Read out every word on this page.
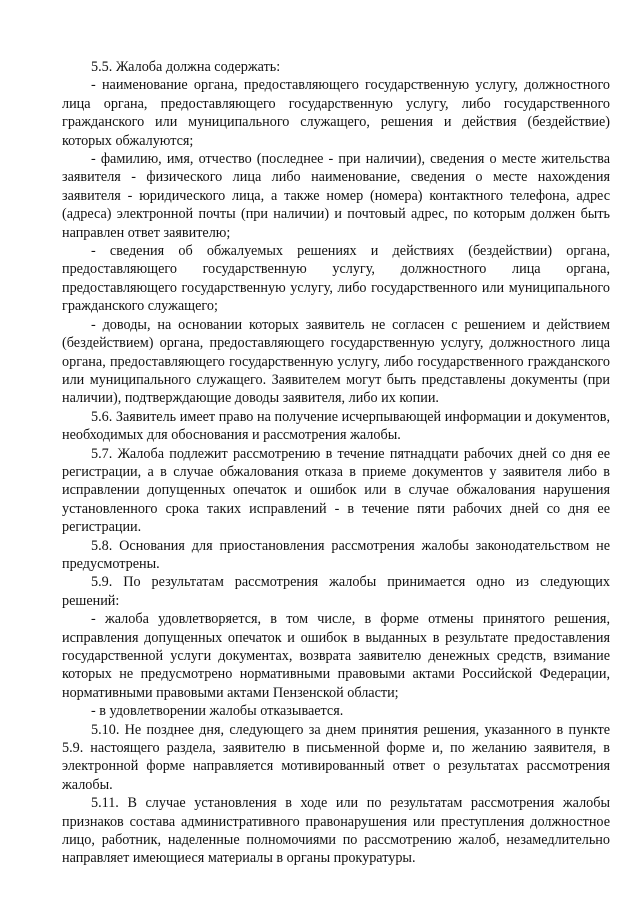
5.5. Жалоба должна содержать:

- наименование органа, предоставляющего государственную услугу, должностного лица органа, предоставляющего государственную услугу, либо государственного гражданского или муниципального служащего, решения и действия (бездействие) которых обжалуются;

- фамилию, имя, отчество (последнее - при наличии), сведения о месте жительства заявителя - физического лица либо наименование, сведения о месте нахождения заявителя - юридического лица, а также номер (номера) контактного телефона, адрес (адреса) электронной почты (при наличии) и почтовый адрес, по которым должен быть направлен ответ заявителю;

- сведения об обжалуемых решениях и действиях (бездействии) органа, предоставляющего государственную услугу, должностного лица органа, предоставляющего государственную услугу, либо государственного или муниципального гражданского служащего;

- доводы, на основании которых заявитель не согласен с решением и действием (бездействием) органа, предоставляющего государственную услугу, должностного лица органа, предоставляющего государственную услугу, либо государственного гражданского или муниципального служащего. Заявителем могут быть представлены документы (при наличии), подтверждающие доводы заявителя, либо их копии.

5.6. Заявитель имеет право на получение исчерпывающей информации и документов, необходимых для обоснования и рассмотрения жалобы.

5.7. Жалоба подлежит рассмотрению в течение пятнадцати рабочих дней со дня ее регистрации, а в случае обжалования отказа в приеме документов у заявителя либо в исправлении допущенных опечаток и ошибок или в случае обжалования нарушения установленного срока таких исправлений - в течение пяти рабочих дней со дня ее регистрации.

5.8. Основания для приостановления рассмотрения жалобы законодательством не предусмотрены.

5.9. По результатам рассмотрения жалобы принимается одно из следующих решений:

- жалоба удовлетворяется, в том числе, в форме отмены принятого решения, исправления допущенных опечаток и ошибок в выданных в результате предоставления государственной услуги документах, возврата заявителю денежных средств, взимание которых не предусмотрено нормативными правовыми актами Российской Федерации, нормативными правовыми актами Пензенской области;

- в удовлетворении жалобы отказывается.

5.10. Не позднее дня, следующего за днем принятия решения, указанного в пункте 5.9. настоящего раздела, заявителю в письменной форме и, по желанию заявителя, в электронной форме направляется мотивированный ответ о результатах рассмотрения жалобы.

5.11. В случае установления в ходе или по результатам рассмотрения жалобы признаков состава административного правонарушения или преступления должностное лицо, работник, наделенные полномочиями по рассмотрению жалоб, незамедлительно направляет имеющиеся материалы в органы прокуратуры.
